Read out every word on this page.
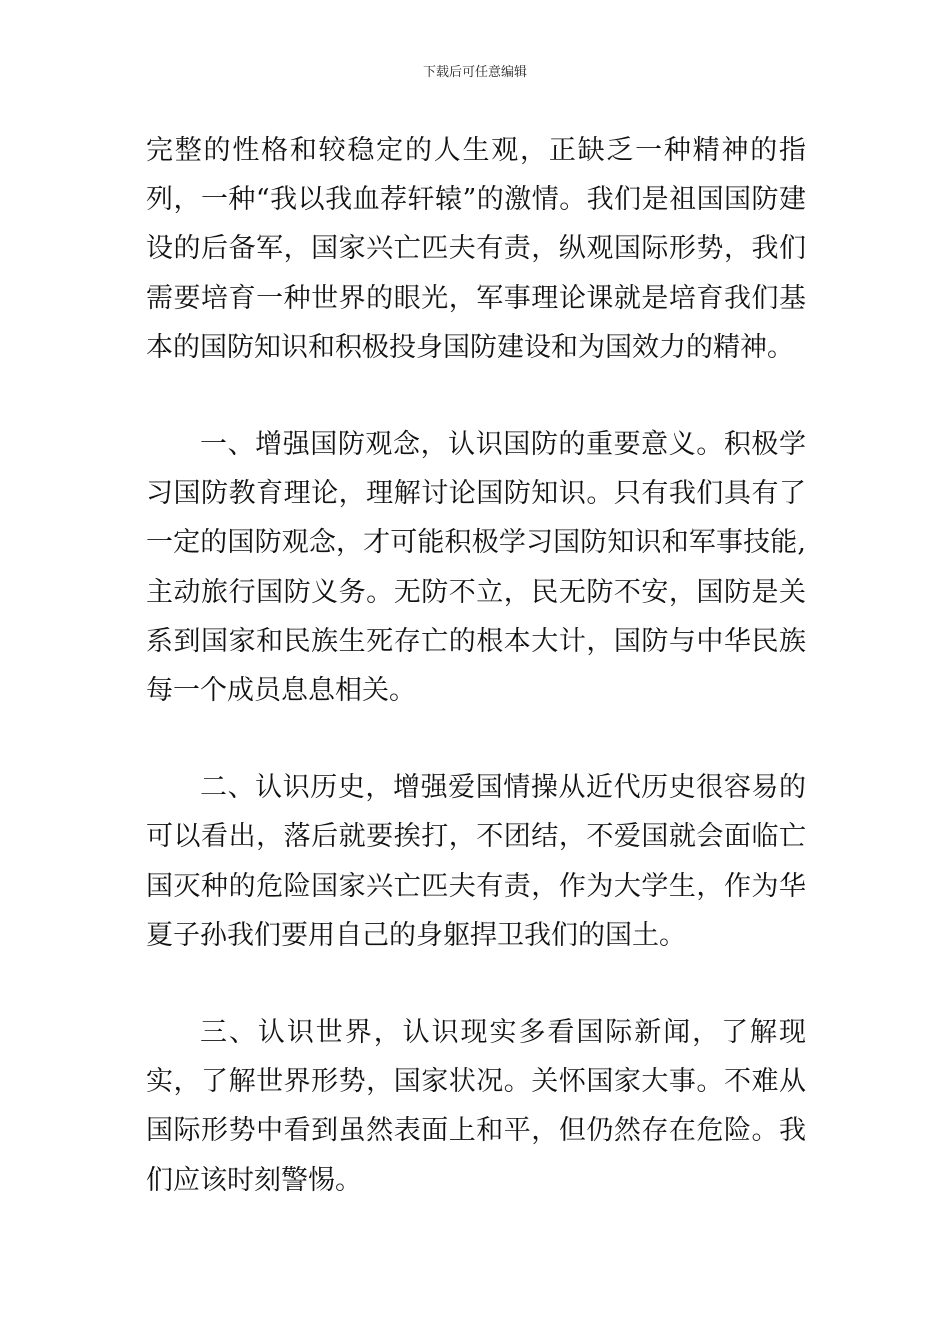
下载后可任意编辑

完整的性格和较稳定的人生观，正缺乏一种精神的指列，一种“我以我血荐轩辕”的激情。我们是祖国国防建设的后备军，国家兴亡匹夫有责，纵观国际形势，我们需要培育一种世界的眼光，军事理论课就是培育我们基本的国防知识和积极投身国防建设和为国效力的精神。

一、增强国防观念，认识国防的重要意义。积极学习国防教育理论，理解讨论国防知识。只有我们具有了一定的国防观念，才可能积极学习国防知识和军事技能,主动旅行国防义务。无防不立，民无防不安，国防是关系到国家和民族生死存亡的根本大计，国防与中华民族每一个成员息息相关。

二、认识历史，增强爱国情操从近代历史很容易的可以看出，落后就要挨打，不团结，不爱国就会面临亡国灭种的危险国家兴亡匹夫有责，作为大学生，作为华夏子孙我们要用自己的身躯捍卫我们的国土。

三、认识世界，认识现实多看国际新闻，了解现实，了解世界形势，国家状况。关怀国家大事。不难从国际形势中看到虽然表面上和平，但仍然存在危险。我们应该时刻警惕。
